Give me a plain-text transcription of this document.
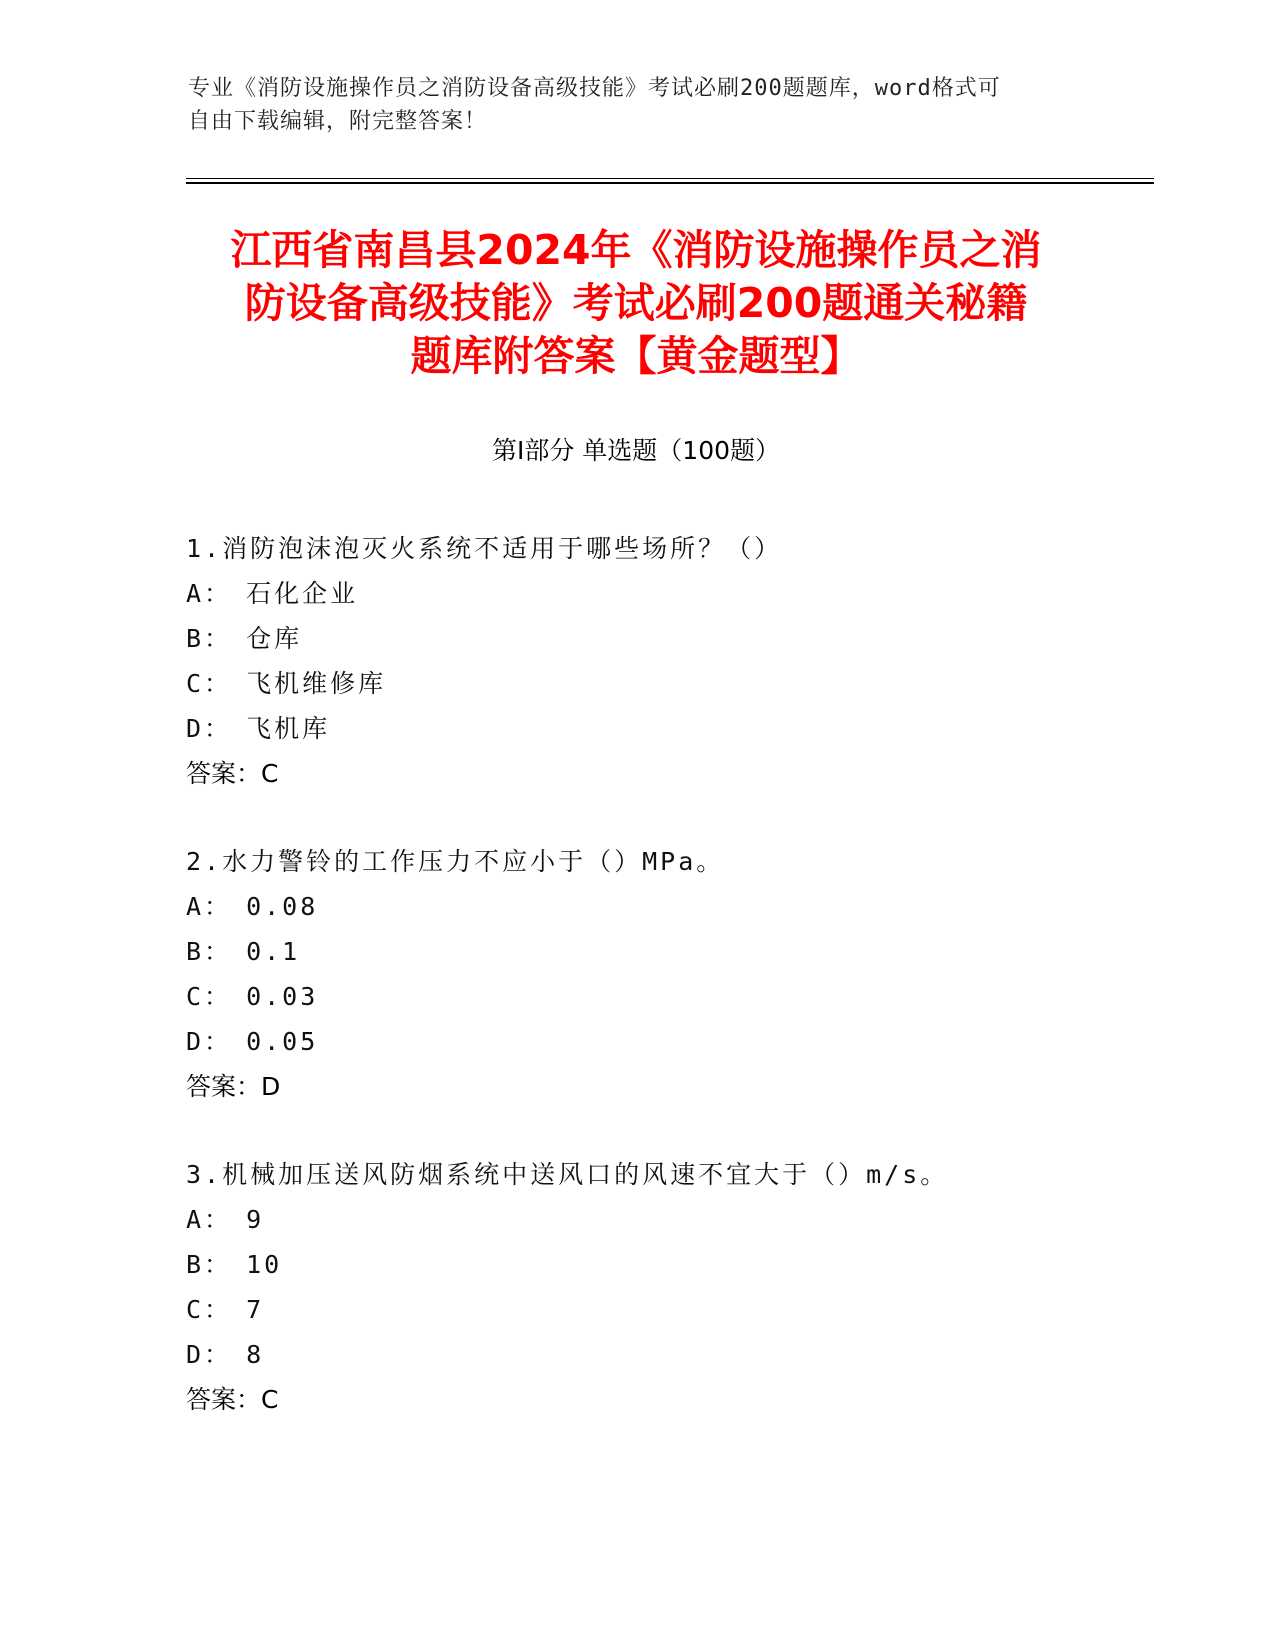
专业《消防设施操作员之消防设备高级技能》考试必刷200题题库，word格式可
自由下载编辑，附完整答案！
江西省南昌县2024年《消防设施操作员之消
防设备高级技能》考试必刷200题通关秘籍
题库附答案【黄金题型】
第Ⅰ部分 单选题（100题）
1.消防泡沫泡灭火系统不适用于哪些场所？（）
A： 石化企业
B： 仓库
C： 飞机维修库
D： 飞机库
答案：C
2.水力警铃的工作压力不应小于（）MPa。
A： 0.08
B： 0.1
C： 0.03
D： 0.05
答案：D
3.机械加压送风防烟系统中送风口的风速不宜大于（）m/s。
A： 9
B： 10
C： 7
D： 8
答案：C
